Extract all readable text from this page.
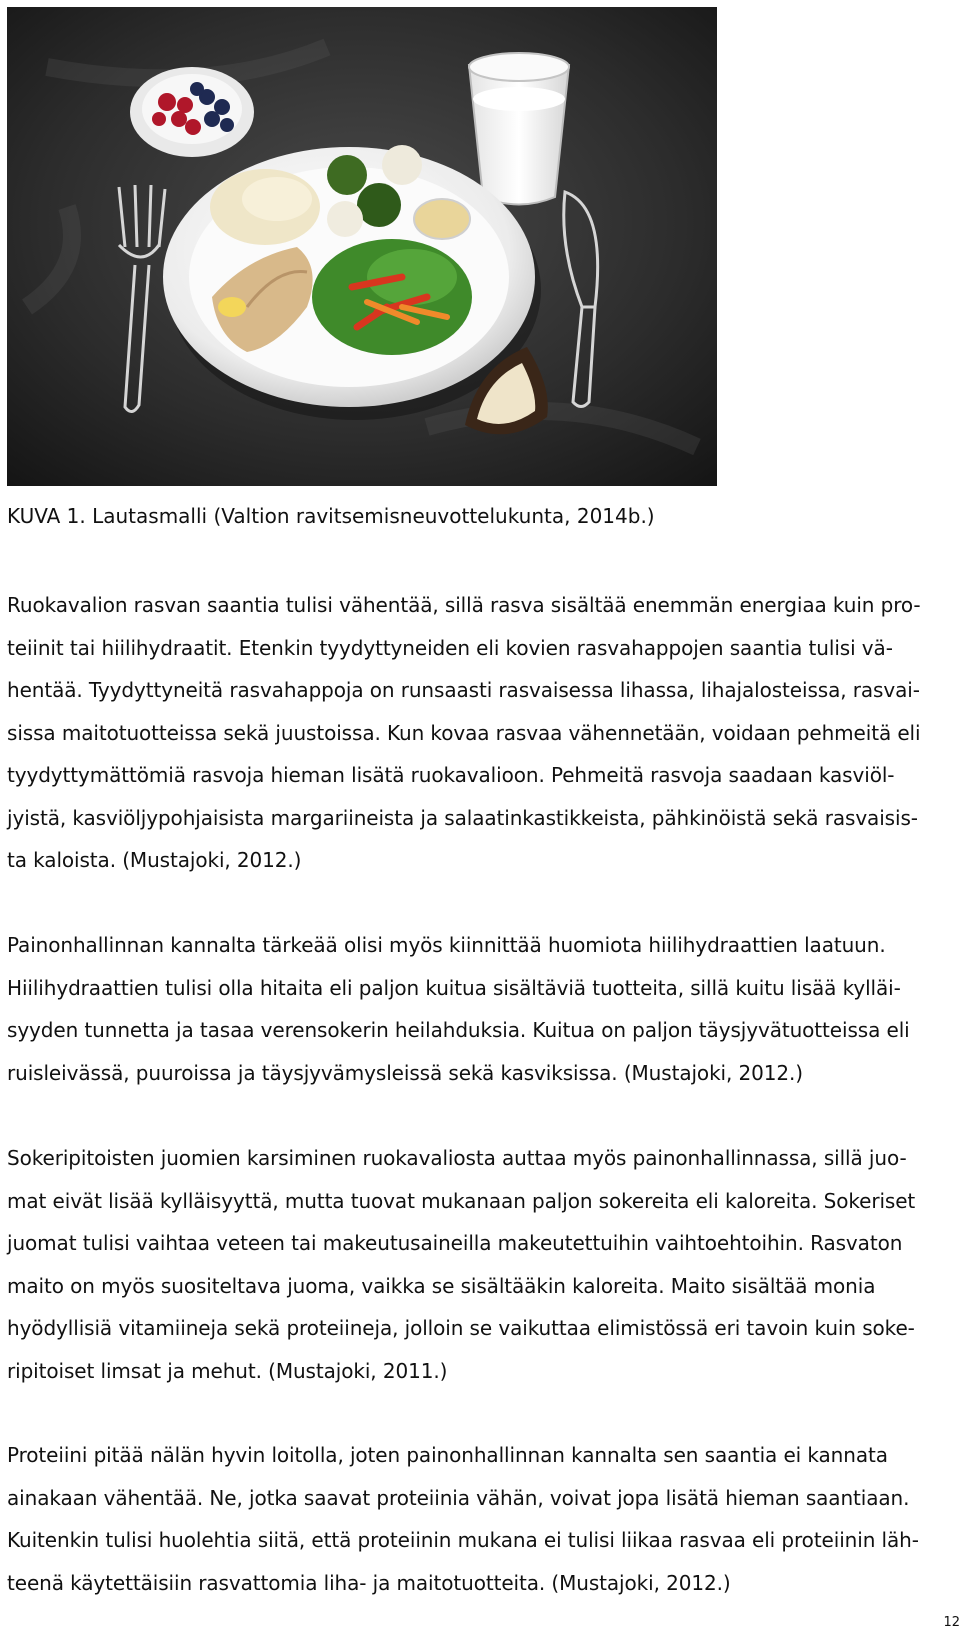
KUVA 1. Lautasmalli (Valtion ravitsemisneuvottelukunta, 2014b.)

Ruokavalion rasvan saantia tulisi vähentää, sillä rasva sisältää enemmän energiaa kuin pro-
teiinit tai hiilihydraatit. Etenkin tyydyttyneiden eli kovien rasvahappojen saantia tulisi vä-
hentää. Tyydyttyneitä rasvahappoja on runsaasti rasvaisessa lihassa, lihajalosteissa, rasvai-
sissa maitotuotteissa sekä juustoissa. Kun kovaa rasvaa vähennetään, voidaan pehmeitä eli
tyydyttymättömiä rasvoja hieman lisätä ruokavalioon. Pehmeitä rasvoja saadaan kasviöl-
jyistä, kasviöljypohjaisista margariineista ja salaatinkastikkeista, pähkinöistä sekä rasvaisis-
ta kaloista. (Mustajoki, 2012.)

Painonhallinnan kannalta tärkeää olisi myös kiinnittää huomiota hiilihydraattien laatuun.
Hiilihydraattien tulisi olla hitaita eli paljon kuitua sisältäviä tuotteita, sillä kuitu lisää kylläi-
syyden tunnetta ja tasaa verensokerin heilahduksia. Kuitua on paljon täysjyvätuotteissa eli
ruisleivässä, puuroissa ja täysjyvämysleissä sekä kasviksissa. (Mustajoki, 2012.)

Sokeripitoisten juomien karsiminen ruokavaliosta auttaa myös painonhallinnassa, sillä juo-
mat eivät lisää kylläisyyttä, mutta tuovat mukanaan paljon sokereita eli kaloreita. Sokeriset
juomat tulisi vaihtaa veteen tai makeutusaineilla makeutettuihin vaihtoehtoihin. Rasvaton
maito on myös suositeltava juoma, vaikka se sisältääkin kaloreita. Maito sisältää monia
hyödyllisiä vitamiineja sekä proteiineja, jolloin se vaikuttaa elimistössä eri tavoin kuin soke-
ripitoiset limsat ja mehut. (Mustajoki, 2011.)

Proteiini pitää nälän hyvin loitolla, joten painonhallinnan kannalta sen saantia ei kannata
ainakaan vähentää. Ne, jotka saavat proteiinia vähän, voivat jopa lisätä hieman saantiaan.
Kuitenkin tulisi huolehtia siitä, että proteiinin mukana ei tulisi liikaa rasvaa eli proteiinin läh-
teenä käytettäisiin rasvattomia liha- ja maitotuotteita. (Mustajoki, 2012.)

12
